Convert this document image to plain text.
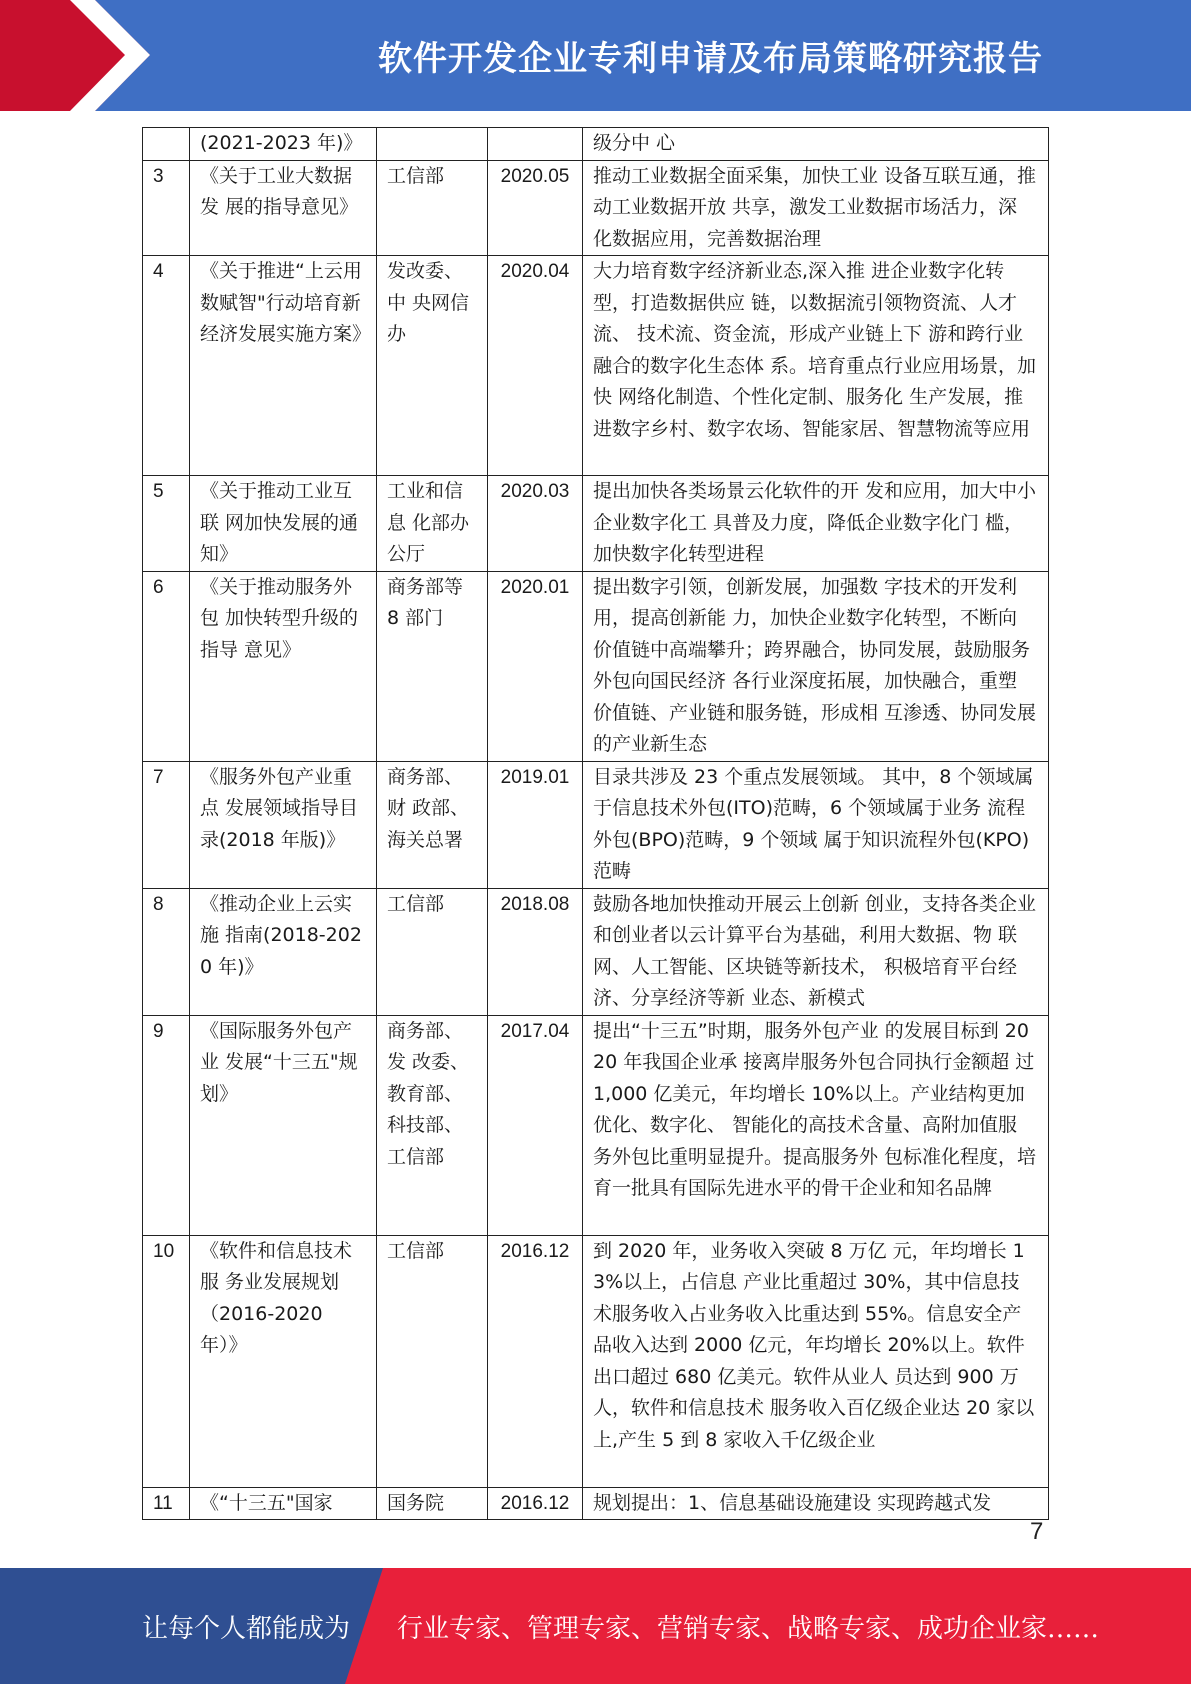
软件开发企业专利申请及布局策略研究报告
	(2021-2023 年)》			级分中 心
3	《关于工业大数据发 展的指导意见》	工信部	2020.05	推动工业数据全面采集，加快工业 设备互联互通，推动工业数据开放 共享，激发工业数据市场活力，深 化数据应用，完善数据治理
4	《关于推进“上云用 数赋智"行动培育新 经济发展实施方案》	发改委、中 央网信办	2020.04	大力培育数字经济新业态,深入推 进企业数字化转型，打造数据供应 链，以数据流引领物资流、人才流、 技术流、资金流，形成产业链上下 游和跨行业融合的数字化生态体 系。培育重点行业应用场景，加快 网络化制造、个性化定制、服务化 生产发展，推进数字乡村、数字农场、智能家居、智慧物流等应用
5	《关于推动工业互联 网加快发展的通知》	工业和信息 化部办公厅	2020.03	提出加快各类场景云化软件的开 发和应用，加大中小企业数字化工 具普及力度，降低企业数字化门 槛，加快数字化转型进程
6	《关于推动服务外包 加快转型升级的指导 意见》	商务部等 8 部门	2020.01	提出数字引领，创新发展，加强数 字技术的开发利用，提高创新能 力，加快企业数字化转型，不断向 价值链中高端攀升；跨界融合，协同发展，鼓励服务外包向国民经济 各行业深度拓展，加快融合，重塑 价值链、产业链和服务链，形成相 互渗透、协同发展的产业新生态
7	《服务外包产业重点 发展领域指导目录(2018 年版)》	商务部、财 政部、海关总署	2019.01	目录共涉及 23 个重点发展领域。 其中，8 个领域属于信息技术外包(ITO)范畴，6 个领域属于业务 流程外包(BPO)范畴，9 个领域 属于知识流程外包(KPO)范畴
8	《推动企业上云实施 指南(2018-2020 年)》	工信部	2018.08	鼓励各地加快推动开展云上创新 创业，支持各类企业和创业者以云计算平台为基础，利用大数据、物 联网、人工智能、区块链等新技术， 积极培育平台经济、分享经济等新 业态、新模式
9	《国际服务外包产业 发展“十三五"规划》	商务部、发 改委、教育部、科技部、工信部	2017.04	提出“十三五”时期，服务外包产业 的发展目标到 2020 年我国企业承 接离岸服务外包合同执行金额超 过 1,000 亿美元，年均增长 10%以上。产业结构更加优化、数字化、 智能化的高技术含量、高附加值服 务外包比重明显提升。提高服务外 包标准化程度，培育一批具有国际先进水平的骨干企业和知名品牌
10	《软件和信息技术服 务业发展规划（2016-2020 年）》	工信部	2016.12	到 2020 年，业务收入突破 8 万亿 元，年均增长 13%以上，占信息 产业比重超过 30%，其中信息技 术服务收入占业务收入比重达到 55%。信息安全产品收入达到 2000 亿元，年均增长 20%以上。软件 出口超过 680 亿美元。软件从业人 员达到 900 万人，软件和信息技术 服务收入百亿级企业达 20 家以 上,产生 5 到 8 家收入千亿级企业
11	《“十三五"国家	国务院	2016.12	规划提出：1、信息基础设施建设 实现跨越式发
7
让每个人都能成为 行业专家、管理专家、营销专家、战略专家、成功企业家……
